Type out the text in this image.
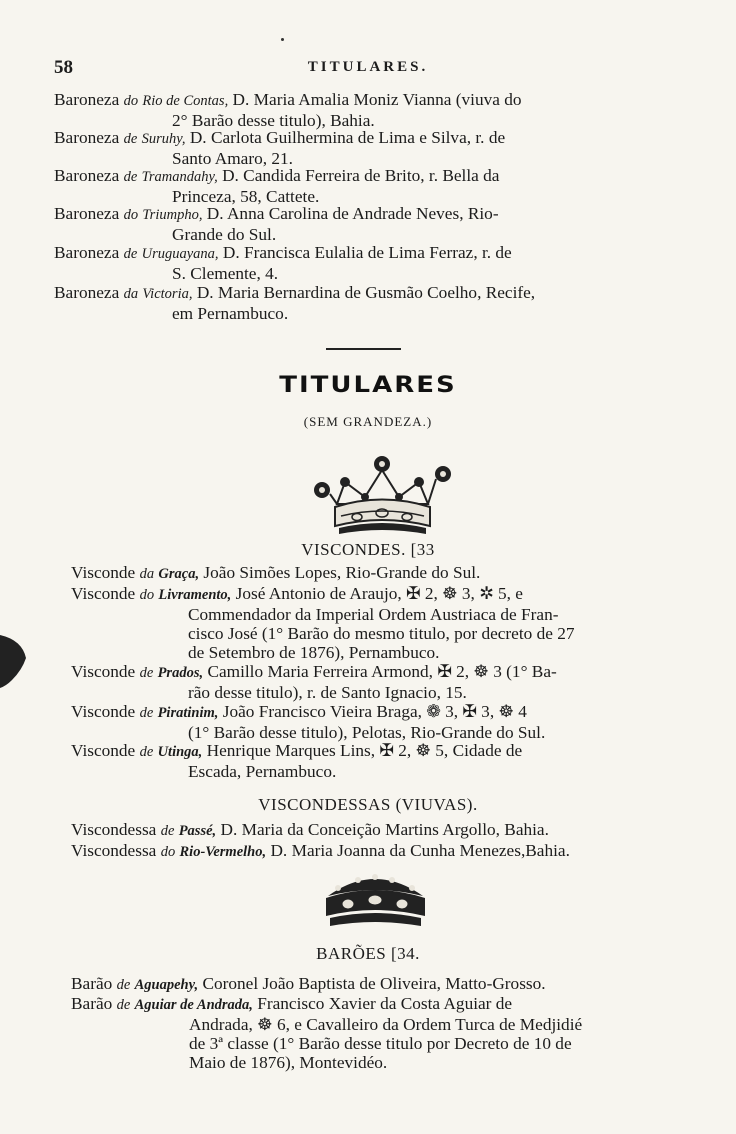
58	TITULARES.
Baroneza do Rio de Contas, D. Maria Amalia Moniz Vianna (viuva do
2° Barão desse titulo), Bahia.
Baroneza de Suruhy, D. Carlota Guilhermina de Lima e Silva, r. de
Santo Amaro, 21.
Baroneza de Tramandahy, D. Candida Ferreira de Brito, r. Bella da
Princeza, 58, Cattete.
Baroneza do Triumpho, D. Anna Carolina de Andrade Neves, Rio-
Grande do Sul.
Baroneza de Uruguayana, D. Francisca Eulalia de Lima Ferraz, r. de
S. Clemente, 4.
Baroneza da Victoria, D. Maria Bernardina de Gusmão Coelho, Recife,
em Pernambuco.
TITULARES
(SEM GRANDEZA.)
VISCONDES. [33
Visconde da Graça, João Simões Lopes, Rio-Grande do Sul.
Visconde do Livramento, José Antonio de Araujo, ✠ 2, ☸ 3, ✲ 5, e
Commendador da Imperial Ordem Austriaca de Fran-
cisco José (1° Barão do mesmo titulo, por decreto de 27
de Setembro de 1876), Pernambuco.
Visconde de Prados, Camillo Maria Ferreira Armond, ✠ 2, ☸ 3 (1° Ba-
rão desse titulo), r. de Santo Ignacio, 15.
Visconde de Piratinim, João Francisco Vieira Braga, ❁ 3, ✠ 3, ☸ 4
(1° Barão desse titulo), Pelotas, Rio-Grande do Sul.
Visconde de Utinga, Henrique Marques Lins, ✠ 2, ☸ 5, Cidade de
Escada, Pernambuco.
VISCONDESSAS (VIUVAS).
Viscondessa de Passé, D. Maria da Conceição Martins Argollo, Bahia.
Viscondessa do Rio-Vermelho, D. Maria Joanna da Cunha Menezes,Bahia.
BARÕES [34.
Barão de Aguapehy, Coronel João Baptista de Oliveira, Matto-Grosso.
Barão de Aguiar de Andrada, Francisco Xavier da Costa Aguiar de
Andrada, ☸ 6, e Cavalleiro da Ordem Turca de Medjidié
de 3ª classe (1° Barão desse titulo por Decreto de 10 de
Maio de 1876), Montevidéo.
